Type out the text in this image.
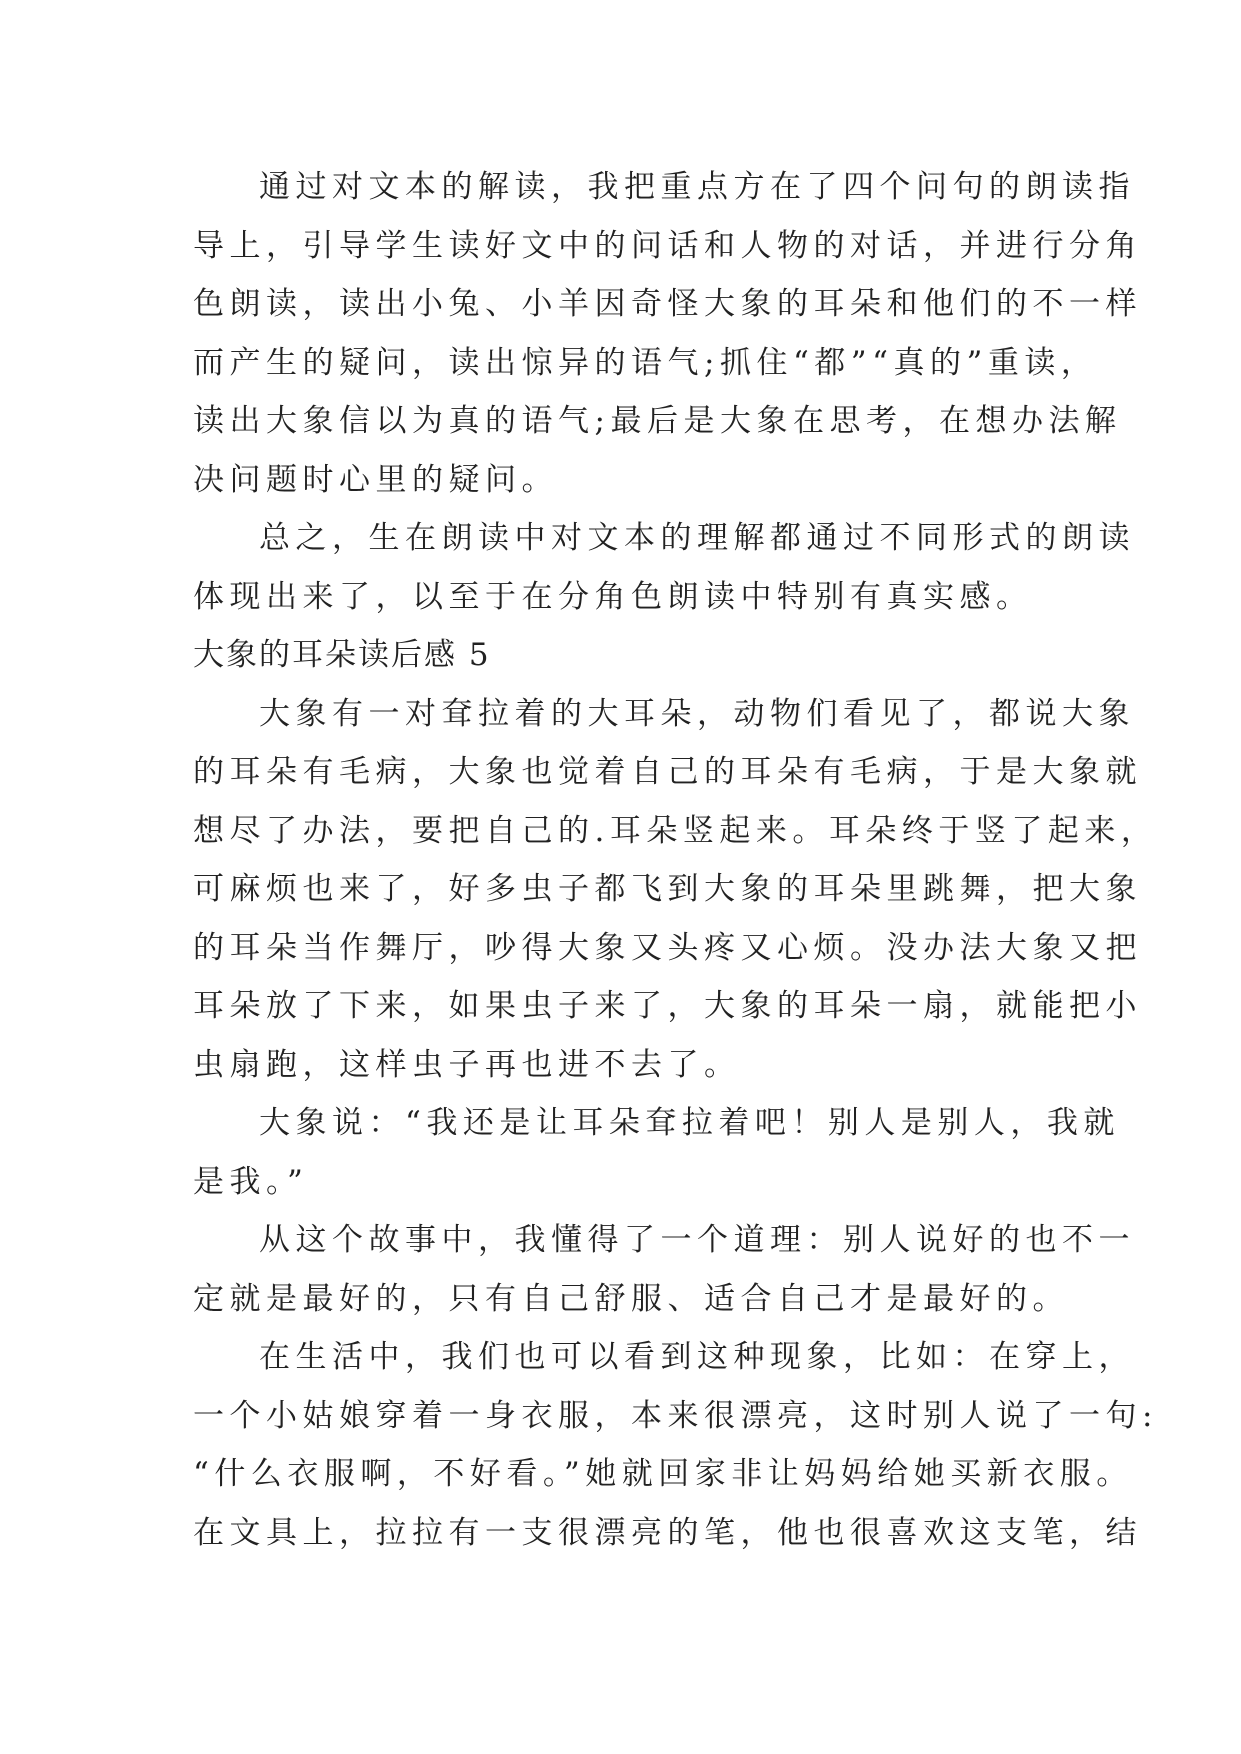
通过对文本的解读，我把重点方在了四个问句的朗读指
导上，引导学生读好文中的问话和人物的对话，并进行分角
色朗读，读出小兔、小羊因奇怪大象的耳朵和他们的不一样
而产生的疑问，读出惊异的语气;抓住“都”“真的”重读，
读出大象信以为真的语气;最后是大象在思考，在想办法解
决问题时心里的疑问。
总之，生在朗读中对文本的理解都通过不同形式的朗读
体现出来了，以至于在分角色朗读中特别有真实感。
大象的耳朵读后感 5
大象有一对耷拉着的大耳朵，动物们看见了，都说大象
的耳朵有毛病，大象也觉着自己的耳朵有毛病，于是大象就
想尽了办法，要把自己的.耳朵竖起来。耳朵终于竖了起来，
可麻烦也来了，好多虫子都飞到大象的耳朵里跳舞，把大象
的耳朵当作舞厅，吵得大象又头疼又心烦。没办法大象又把
耳朵放了下来，如果虫子来了，大象的耳朵一扇，就能把小
虫扇跑，这样虫子再也进不去了。
大象说：“我还是让耳朵耷拉着吧！别人是别人，我就
是我。”
从这个故事中，我懂得了一个道理：别人说好的也不一
定就是最好的，只有自己舒服、适合自己才是最好的。
在生活中，我们也可以看到这种现象，比如：在穿上，
一个小姑娘穿着一身衣服，本来很漂亮，这时别人说了一句:
“什么衣服啊，不好看。”她就回家非让妈妈给她买新衣服。
在文具上，拉拉有一支很漂亮的笔，他也很喜欢这支笔，结
